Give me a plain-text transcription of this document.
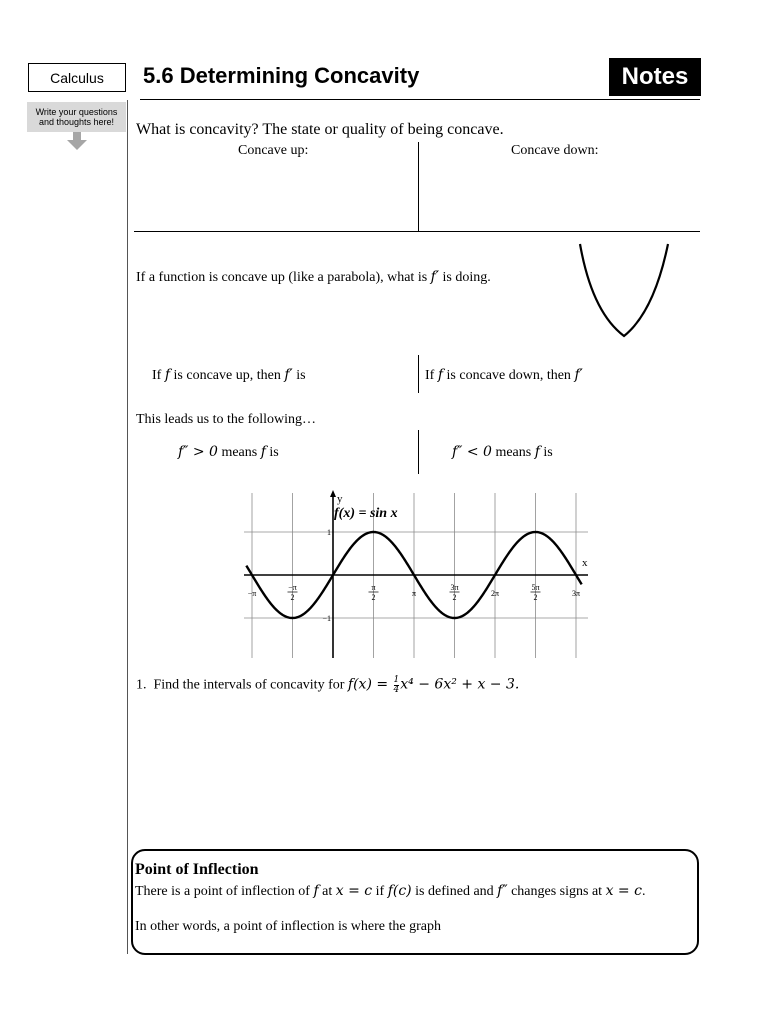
Calculus	5.6 Determining Concavity	Notes
Write your questions and thoughts here!	What is concavity? The state or quality of being concave.
Concave up:	Concave down:
If a function is concave up (like a parabola), what is f′ is doing.
If f is concave up, then f′ is	If f is concave down, then f′
This leads us to the following…
f″ > 0 means f is	f″ < 0 means f is
−π
−π
2
π
2	π
3π
2	2π
5π
2	3π
1
−1
f(x) = sin x
y
x
1. Find the intervals of concavity for $f(x) = \frac{1}{4} x^4 - 6x^2 + x - 3$.
Point of Inflection
There is a point of inflection of f at x = c if f(c) is defined and f″ changes signs at x = c.
In other words, a point of inflection is where the graph
